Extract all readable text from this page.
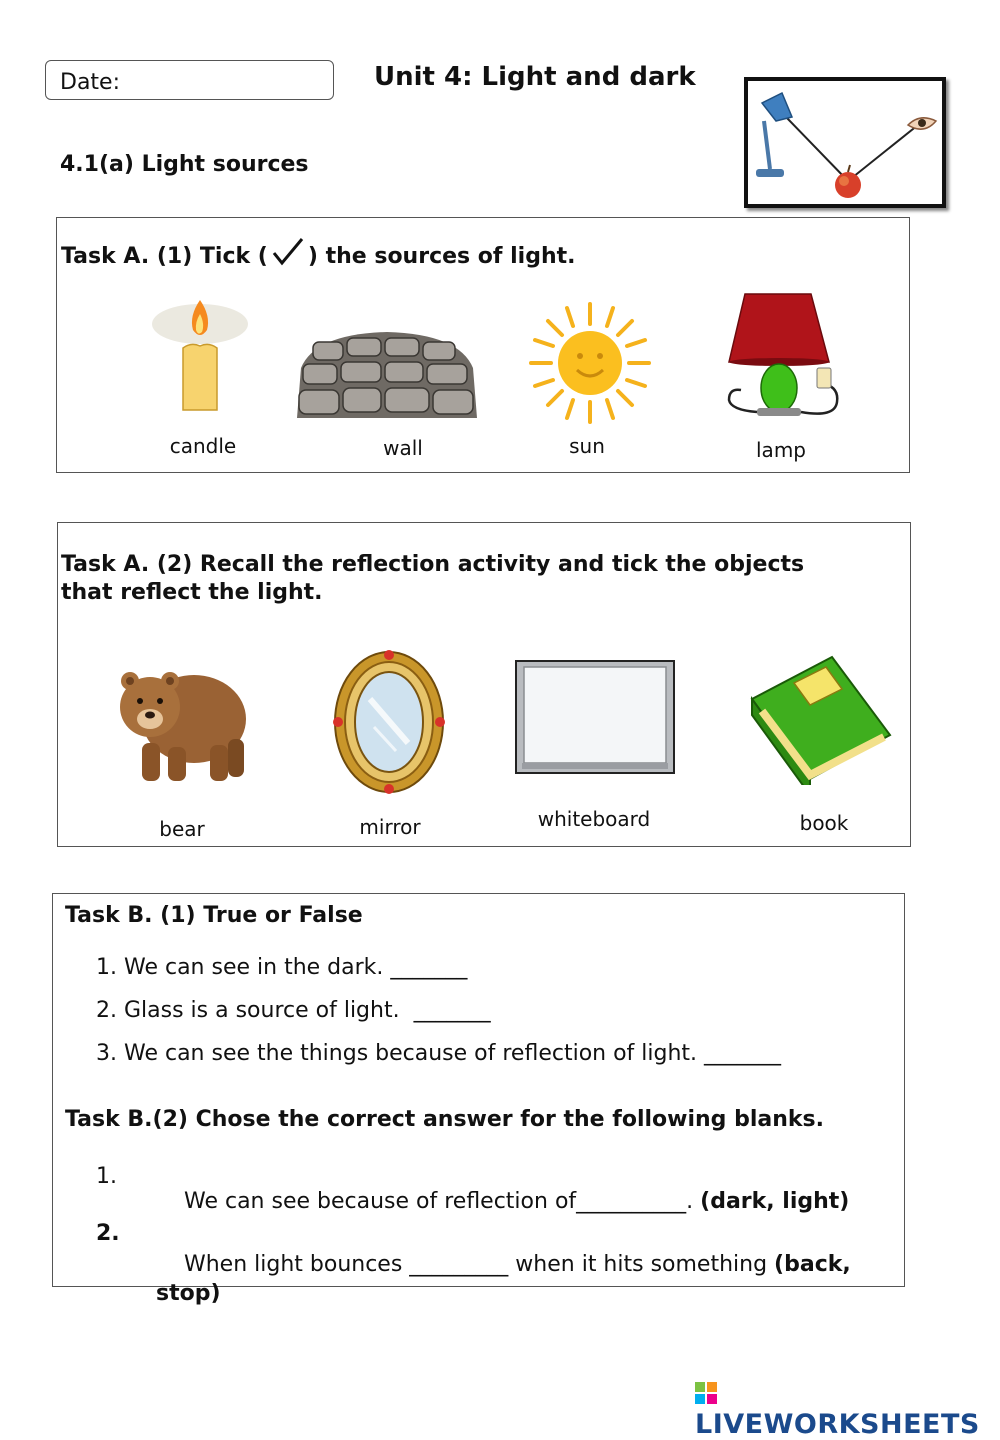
Date:	Unit 4: Light and dark
4.1(a) Light sources
Task A. (1) Tick ( ) the sources of light.
candle	wall	sun	lamp
Task A. (2) Recall the reflection activity and tick the objects
that reflect the light.
bear	mirror	whiteboard	book
Task B. (1) True or False
1. We can see in the dark. _______
2. Glass is a source of light.  _______
3. We can see the things because of reflection of light. _______
Task B.(2) Chose the correct answer for the following blanks.
1.

We can see because of reflection of__________. (dark, light)

2.

When light bounces _________ when it hits something (back,
stop)

LIVEWORKSHEETS
